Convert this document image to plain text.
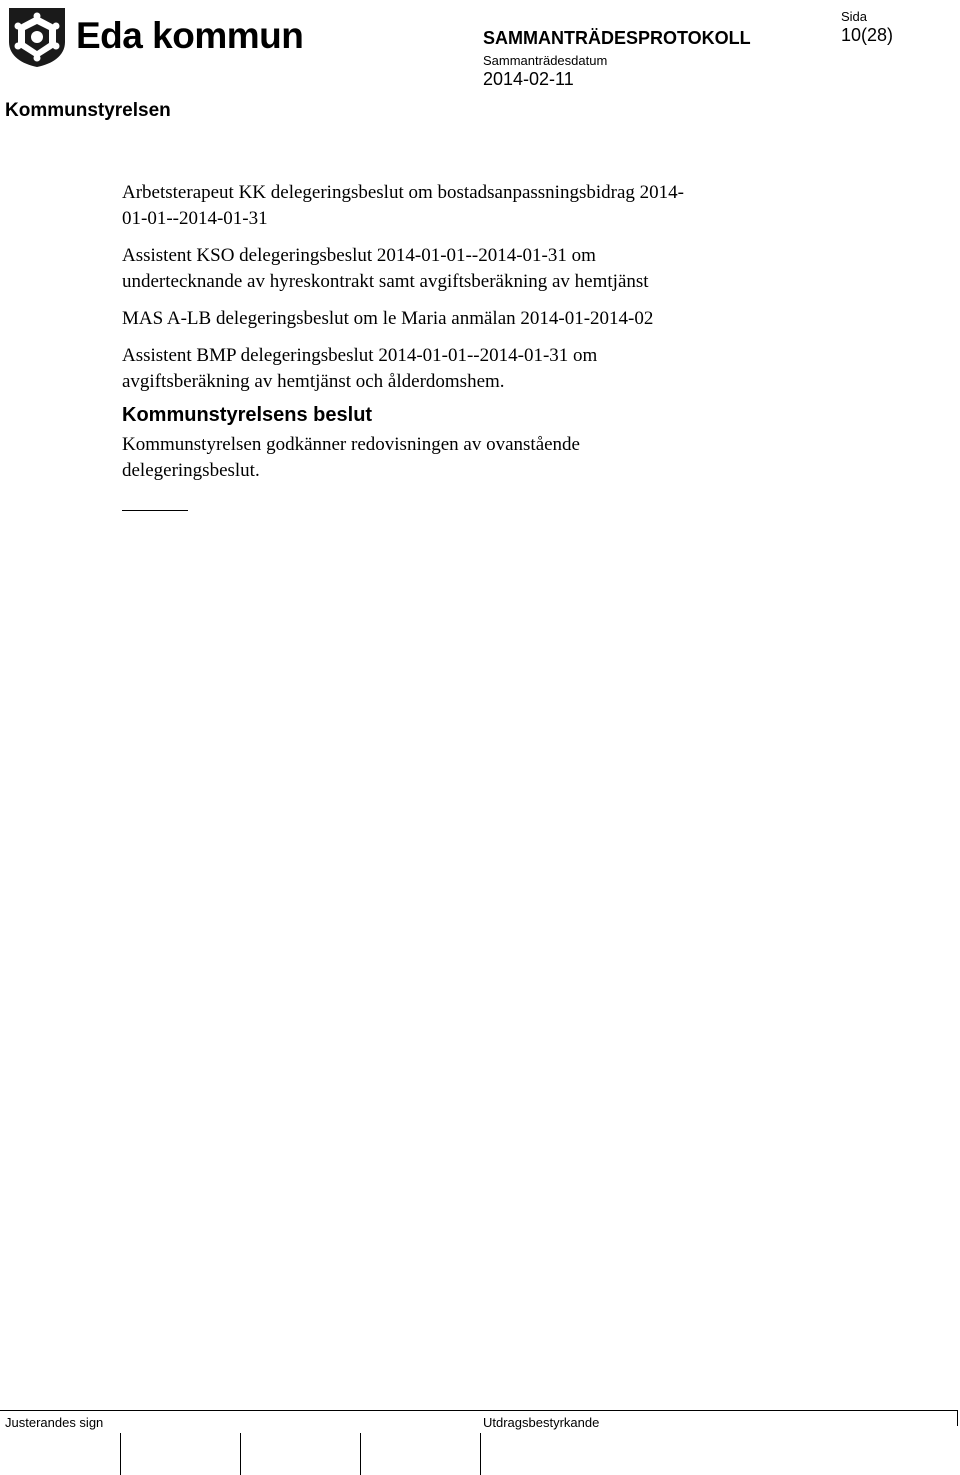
Eda kommun
Kommunstyrelsen
SAMMANTRÄDESPROTOKOLL
Sammanträdesdatum
2014-02-11
Sida
10(28)
Arbetsterapeut KK delegeringsbeslut om bostadsanpassningsbidrag 2014-
01-01--2014-01-31
Assistent KSO delegeringsbeslut 2014-01-01--2014-01-31 om
undertecknande av hyreskontrakt samt avgiftsberäkning av hemtjänst
MAS A-LB delegeringsbeslut om le Maria anmälan 2014-01-2014-02
Assistent BMP delegeringsbeslut 2014-01-01--2014-01-31 om
avgiftsberäkning av hemtjänst och ålderdomshem.
Kommunstyrelsens beslut
Kommunstyrelsen godkänner redovisningen av ovanstående
delegeringsbeslut.
Justerandes sign	Utdragsbestyrkande
